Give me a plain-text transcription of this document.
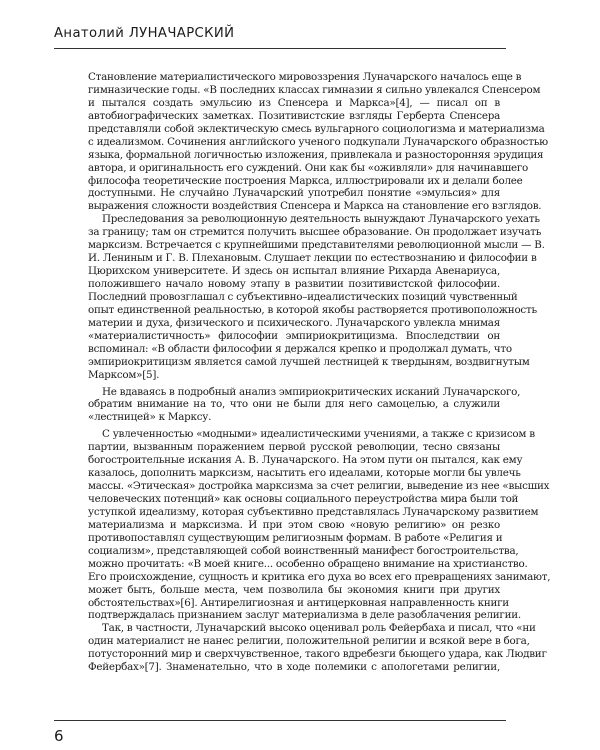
Анатолий ЛУНАЧАРСКИЙ
Становление материалистического мировоззрения Луначарского началось еще в
гимназические годы. «В последних классах гимназии я сильно увлекался Спенсером
и пытался создать эмульсию из Спенсера и Маркса»[4], — писал оп в
автобиографических заметках. Позитивистские взгляды Герберта Спенсера
представляли собой эклектическую смесь вульгарного социологизма и материализма
с идеализмом. Сочинения английского ученого подкупали Луначарского образностью
языка, формальной логичностью изложения, привлекала и разносторонняя эрудиция
автора, и оригинальность его суждений. Они как бы «оживляли» для начинавшего
философа теоретические построения Маркса, иллюстрировали их и делали более
доступными. Не случайно Луначарский употребил понятие «эмульсия» для
выражения сложности воздействия Спенсера и Маркса на становление его взглядов.
Преследования за революционную деятельность вынуждают Луначарского уехать
за границу; там он стремится получить высшее образование. Он продолжает изучать
марксизм. Встречается с крупнейшими представителями революционной мысли — В.
И. Лениным и Г. В. Плехановым. Слушает лекции по естествознанию и философии в
Цюрихском университете. И здесь он испытал влияние Рихарда Авенариуса,
положившего начало новому этапу в развитии позитивистской философии.
Последний провозглашал с субъективно–идеалистических позиций чувственный
опыт единственной реальностью, в которой якобы растворяется противоположность
материи и духа, физического и психического. Луначарского увлекла мнимая
«материалистичность» философии эмпириокритицизма. Впоследствии он
вспоминал: «В области философии я держался крепко и продолжал думать, что
эмпириокритицизм является самой лучшей лестницей к твердыням, воздвигнутым
Марксом»[5].
Не вдаваясь в подробный анализ эмпириокритических исканий Луначарского,
обратим внимание на то, что они не были для него самоцелью, а служили
«лестницей» к Марксу.
С увлеченностью «модными» идеалистическими учениями, а также с кризисом в
партии, вызванным поражением первой русской революции, тесно связаны
богостроительные искания А. В. Луначарского. На этом пути он пытался, как ему
казалось, дополнить марксизм, насытить его идеалами, которые могли бы увлечь
массы. «Этическая» достройка марксизма за счет религии, выведение из нее «высших
человеческих потенций» как основы социального переустройства мира были той
уступкой идеализму, которая субъективно представлялась Луначарскому развитием
материализма и марксизма. И при этом свою «новую религию» он резко
противопоставлял существующим религиозным формам. В работе «Религия и
социализм», представляющей собой воинственный манифест богостроительства,
можно прочитать: «В моей книге... особенно обращено внимание на христианство.
Его происхождение, сущность и критика его духа во всех его превращениях занимают,
может быть, больше места, чем позволила бы экономия книги при других
обстоятельствах»[6]. Антирелигиозная и антицерковная направленность книги
подтверждалась признанием заслуг материализма в деле разоблачения религии.
Так, в частности, Луначарский высоко оценивал роль Фейербаха и писал, что «ни
один материалист не нанес религии, положительной религии и всякой вере в бога,
потусторонний мир и сверхчувственное, такого вдребезги бьющего удара, как Людвиг
Фейербах»[7]. Знаменательно, что в ходе полемики с апологетами религии,
6
